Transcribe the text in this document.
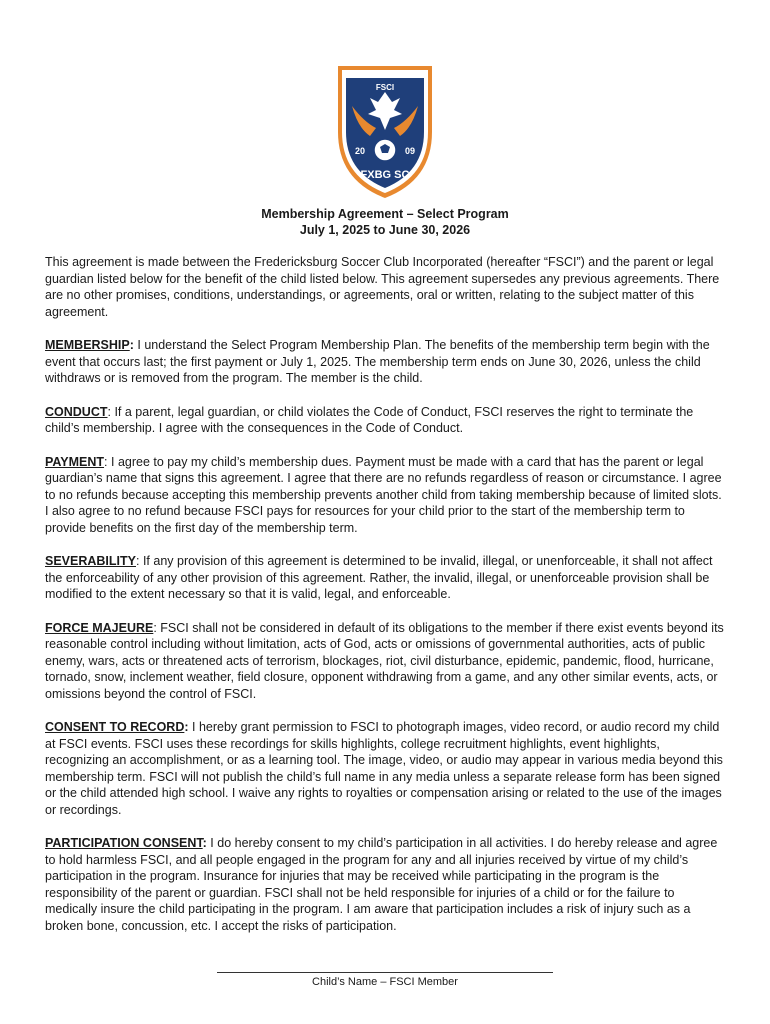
FSCI
20	09
FXBG SC
Membership Agreement – Select Program
July 1, 2025 to June 30, 2026

This agreement is made between the Fredericksburg Soccer Club Incorporated (hereafter “FSCI”) and the parent or legal guardian listed below for the benefit of the child listed below. This agreement supersedes any previous agreements. There are no other promises, conditions, understandings, or agreements, oral or written, relating to the subject matter of this agreement.

MEMBERSHIP: I understand the Select Program Membership Plan. The benefits of the membership term begin with the event that occurs last; the first payment or July 1, 2025. The membership term ends on June 30, 2026, unless the child withdraws or is removed from the program. The member is the child.

CONDUCT: If a parent, legal guardian, or child violates the Code of Conduct, FSCI reserves the right to terminate the child’s membership. I agree with the consequences in the Code of Conduct.

PAYMENT: I agree to pay my child’s membership dues. Payment must be made with a card that has the parent or legal guardian’s name that signs this agreement. I agree that there are no refunds regardless of reason or circumstance. I agree to no refunds because accepting this membership prevents another child from taking membership because of limited slots. I also agree to no refund because FSCI pays for resources for your child prior to the start of the membership term to provide benefits on the first day of the membership term.

SEVERABILITY: If any provision of this agreement is determined to be invalid, illegal, or unenforceable, it shall not affect the enforceability of any other provision of this agreement. Rather, the invalid, illegal, or unenforceable provision shall be modified to the extent necessary so that it is valid, legal, and enforceable.

FORCE MAJEURE: FSCI shall not be considered in default of its obligations to the member if there exist events beyond its reasonable control including without limitation, acts of God, acts or omissions of governmental authorities, acts of public enemy, wars, acts or threatened acts of terrorism, blockages, riot, civil disturbance, epidemic, pandemic, flood, hurricane, tornado, snow, inclement weather, field closure, opponent withdrawing from a game, and any other similar events, acts, or omissions beyond the control of FSCI.

CONSENT TO RECORD: I hereby grant permission to FSCI to photograph images, video record, or audio record my child at FSCI events. FSCI uses these recordings for skills highlights, college recruitment highlights, event highlights, recognizing an accomplishment, or as a learning tool. The image, video, or audio may appear in various media beyond this membership term. FSCI will not publish the child’s full name in any media unless a separate release form has been signed or the child attended high school. I waive any rights to royalties or compensation arising or related to the use of the images or recordings.

PARTICIPATION CONSENT: I do hereby consent to my child’s participation in all activities. I do hereby release and agree to hold harmless FSCI, and all people engaged in the program for any and all injuries received by virtue of my child’s participation in the program. Insurance for injuries that may be received while participating in the program is the responsibility of the parent or guardian. FSCI shall not be held responsible for injuries of a child or for the failure to medically insure the child participating in the program. I am aware that participation includes a risk of injury such as a broken bone, concussion, etc. I accept the risks of participation.

Child’s Name – FSCI Member
